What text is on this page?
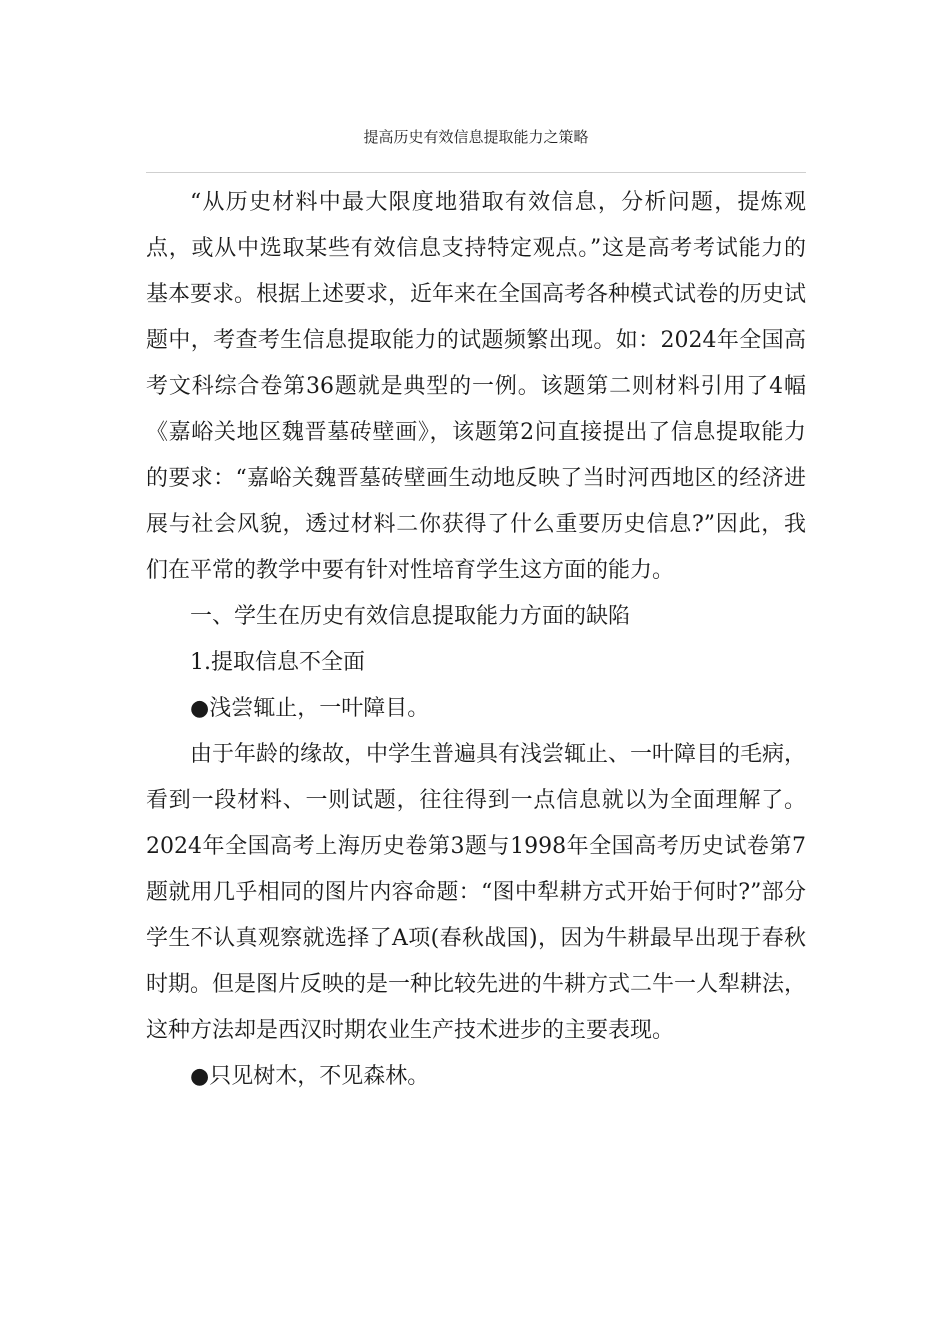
提高历史有效信息提取能力之策略

“从历史材料中最大限度地猎取有效信息，分析问题，提炼观点，或从中选取某些有效信息支持特定观点。”这是高考考试能力的基本要求。根据上述要求，近年来在全国高考各种模式试卷的历史试题中，考查考生信息提取能力的试题频繁出现。如：2024年全国高考文科综合卷第36题就是典型的一例。该题第二则材料引用了4幅《嘉峪关地区魏晋墓砖壁画》，该题第2问直接提出了信息提取能力的要求：“嘉峪关魏晋墓砖壁画生动地反映了当时河西地区的经济进展与社会风貌，透过材料二你获得了什么重要历史信息?”因此，我们在平常的教学中要有针对性培育学生这方面的能力。

一、学生在历史有效信息提取能力方面的缺陷

1.提取信息不全面

●浅尝辄止，一叶障目。

由于年龄的缘故，中学生普遍具有浅尝辄止、一叶障目的毛病，看到一段材料、一则试题，往往得到一点信息就以为全面理解了。2024年全国高考上海历史卷第3题与1998年全国高考历史试卷第7题就用几乎相同的图片内容命题：“图中犁耕方式开始于何时?”部分学生不认真观察就选择了A项(春秋战国)，因为牛耕最早出现于春秋时期。但是图片反映的是一种比较先进的牛耕方式二牛一人犁耕法，这种方法却是西汉时期农业生产技术进步的主要表现。

●只见树木，不见森林。
